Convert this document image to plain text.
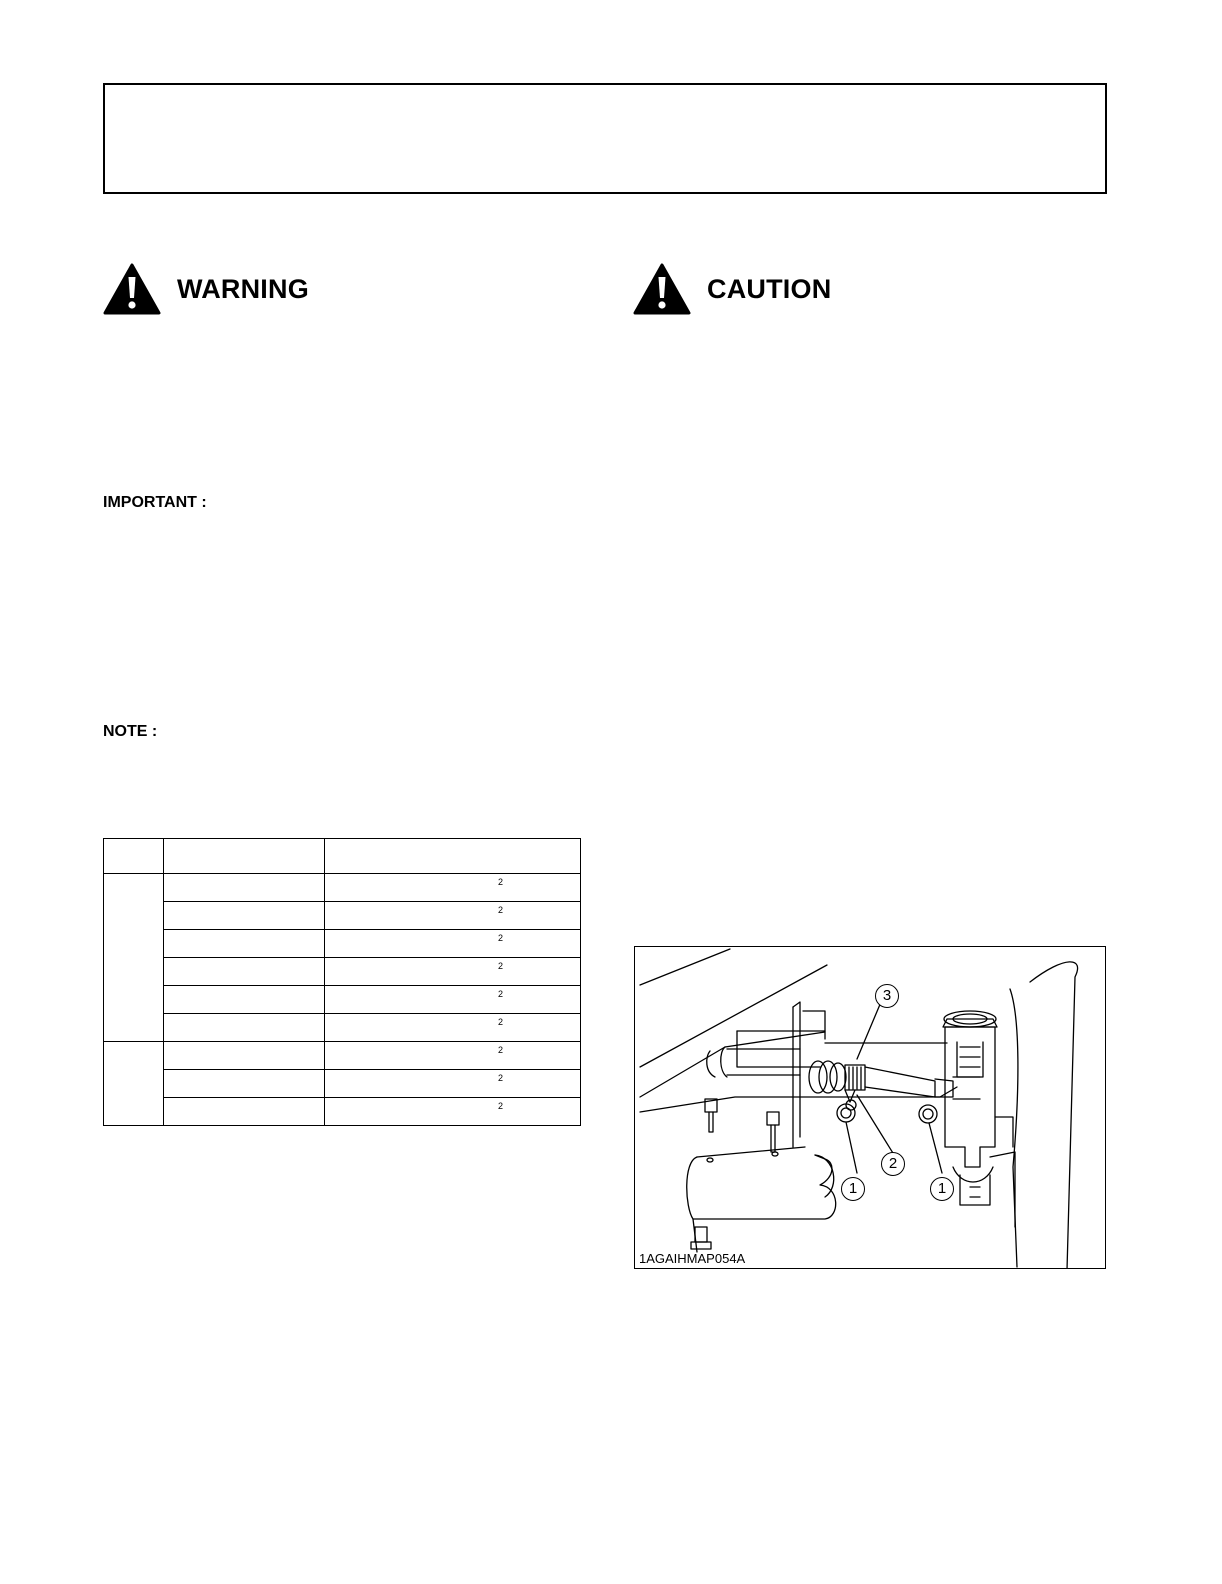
WARNING	CAUTION
IMPORTANT :
NOTE :

		2

		2

		2

		2

		2

		2

		2

		2

		2
3
2
1	1
1AGAIHMAP054A
